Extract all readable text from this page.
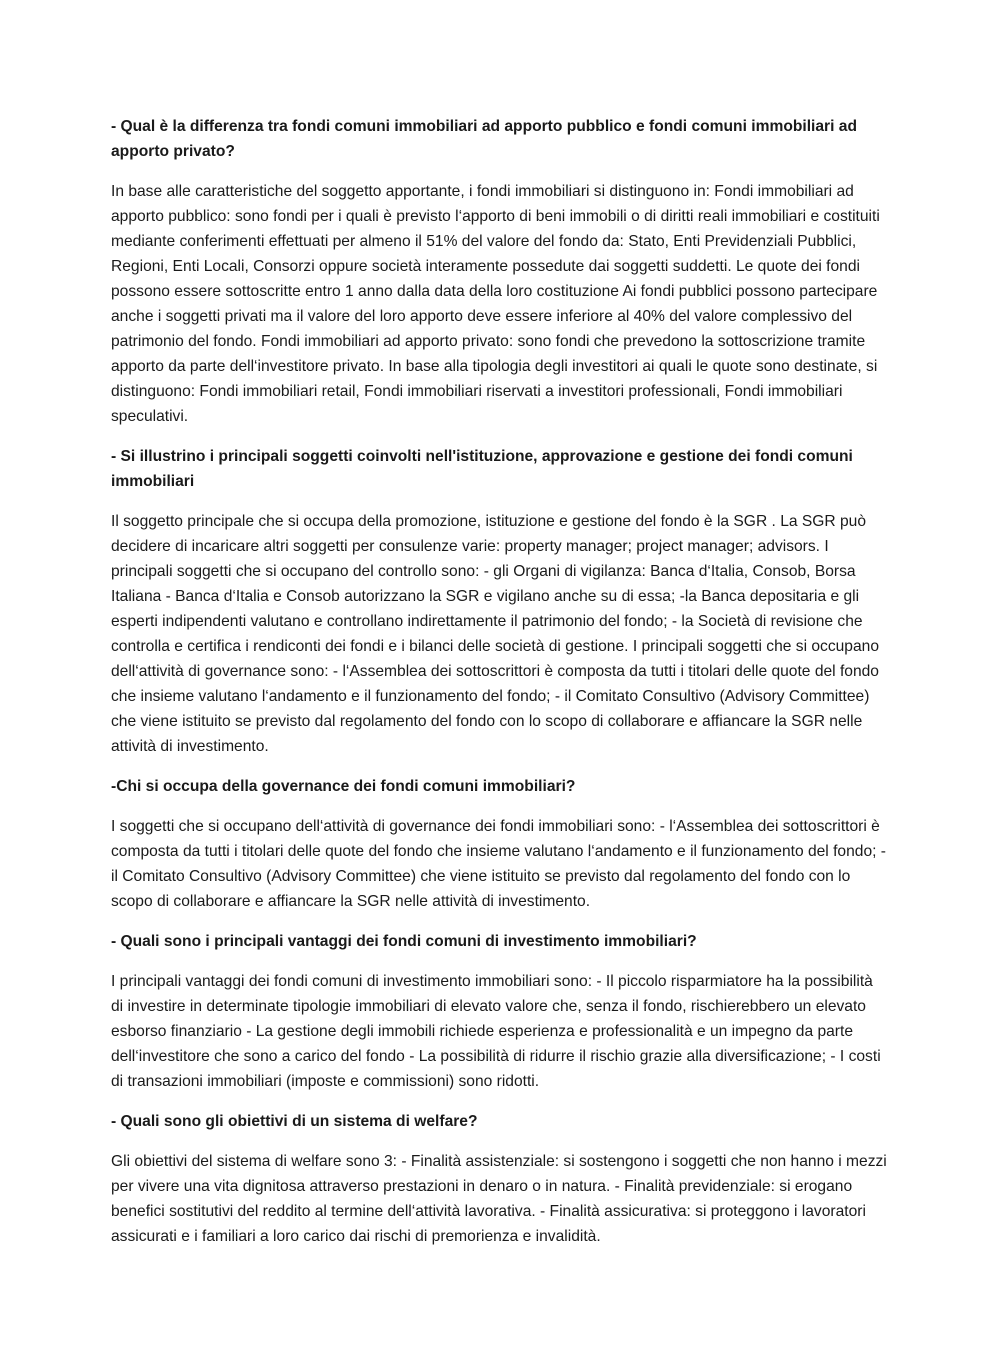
- Qual è la differenza tra fondi comuni immobiliari ad apporto pubblico e fondi comuni immobiliari ad apporto privato?

In base alle caratteristiche del soggetto apportante, i fondi immobiliari si distinguono in: Fondi immobiliari ad apporto pubblico: sono fondi per i quali è previsto l‘apporto di beni immobili o di diritti reali immobiliari e costituiti mediante conferimenti effettuati per almeno il 51% del valore del fondo da: Stato, Enti Previdenziali Pubblici, Regioni, Enti Locali, Consorzi oppure società interamente possedute dai soggetti suddetti. Le quote dei fondi possono essere sottoscritte entro 1 anno dalla data della loro costituzione Ai fondi pubblici possono partecipare anche i soggetti privati ma il valore del loro apporto deve essere inferiore al 40% del valore complessivo del patrimonio del fondo. Fondi immobiliari ad apporto privato: sono fondi che prevedono la sottoscrizione tramite apporto da parte dell‘investitore privato. In base alla tipologia degli investitori ai quali le quote sono destinate, si distinguono: Fondi immobiliari retail, Fondi immobiliari riservati a investitori professionali, Fondi immobiliari speculativi.

- Si illustrino i principali soggetti coinvolti nell'istituzione, approvazione e gestione dei fondi comuni immobiliari

Il soggetto principale che si occupa della promozione, istituzione e gestione del fondo è la SGR . La SGR può decidere di incaricare altri soggetti per consulenze varie: property manager; project manager; advisors. I principali soggetti che si occupano del controllo sono: - gli Organi di vigilanza: Banca d‘Italia, Consob, Borsa Italiana - Banca d‘Italia e Consob autorizzano la SGR e vigilano anche su di essa; -la Banca depositaria e gli esperti indipendenti valutano e controllano indirettamente il patrimonio del fondo; - la Società di revisione che controlla e certifica i rendiconti dei fondi e i bilanci delle società di gestione. I principali soggetti che si occupano dell‘attività di governance sono: - l‘Assemblea dei sottoscrittori è composta da tutti i titolari delle quote del fondo che insieme valutano l‘andamento e il funzionamento del fondo; - il Comitato Consultivo (Advisory Committee) che viene istituito se previsto dal regolamento del fondo con lo scopo di collaborare e affiancare la SGR nelle attività di investimento.

-Chi si occupa della governance dei fondi comuni immobiliari?

I soggetti che si occupano dell‘attività di governance dei fondi immobiliari sono: - l‘Assemblea dei sottoscrittori è composta da tutti i titolari delle quote del fondo che insieme valutano l‘andamento e il funzionamento del fondo; - il Comitato Consultivo (Advisory Committee) che viene istituito se previsto dal regolamento del fondo con lo scopo di collaborare e affiancare la SGR nelle attività di investimento.

- Quali sono i principali vantaggi dei fondi comuni di investimento immobiliari?

I principali vantaggi dei fondi comuni di investimento immobiliari sono: - Il piccolo risparmiatore ha la possibilità di investire in determinate tipologie immobiliari di elevato valore che, senza il fondo, rischierebbero un elevato esborso finanziario - La gestione degli immobili richiede esperienza e professionalità e un impegno da parte dell‘investitore che sono a carico del fondo - La possibilità di ridurre il rischio grazie alla diversificazione; - I costi di transazioni immobiliari (imposte e commissioni) sono ridotti.

- Quali sono gli obiettivi di un sistema di welfare?

Gli obiettivi del sistema di welfare sono 3: - Finalità assistenziale: si sostengono i soggetti che non hanno i mezzi per vivere una vita dignitosa attraverso prestazioni in denaro o in natura. - Finalità previdenziale: si erogano benefici sostitutivi del reddito al termine dell‘attività lavorativa. - Finalità assicurativa: si proteggono i lavoratori assicurati e i familiari a loro carico dai rischi di premorienza e invalidità.
